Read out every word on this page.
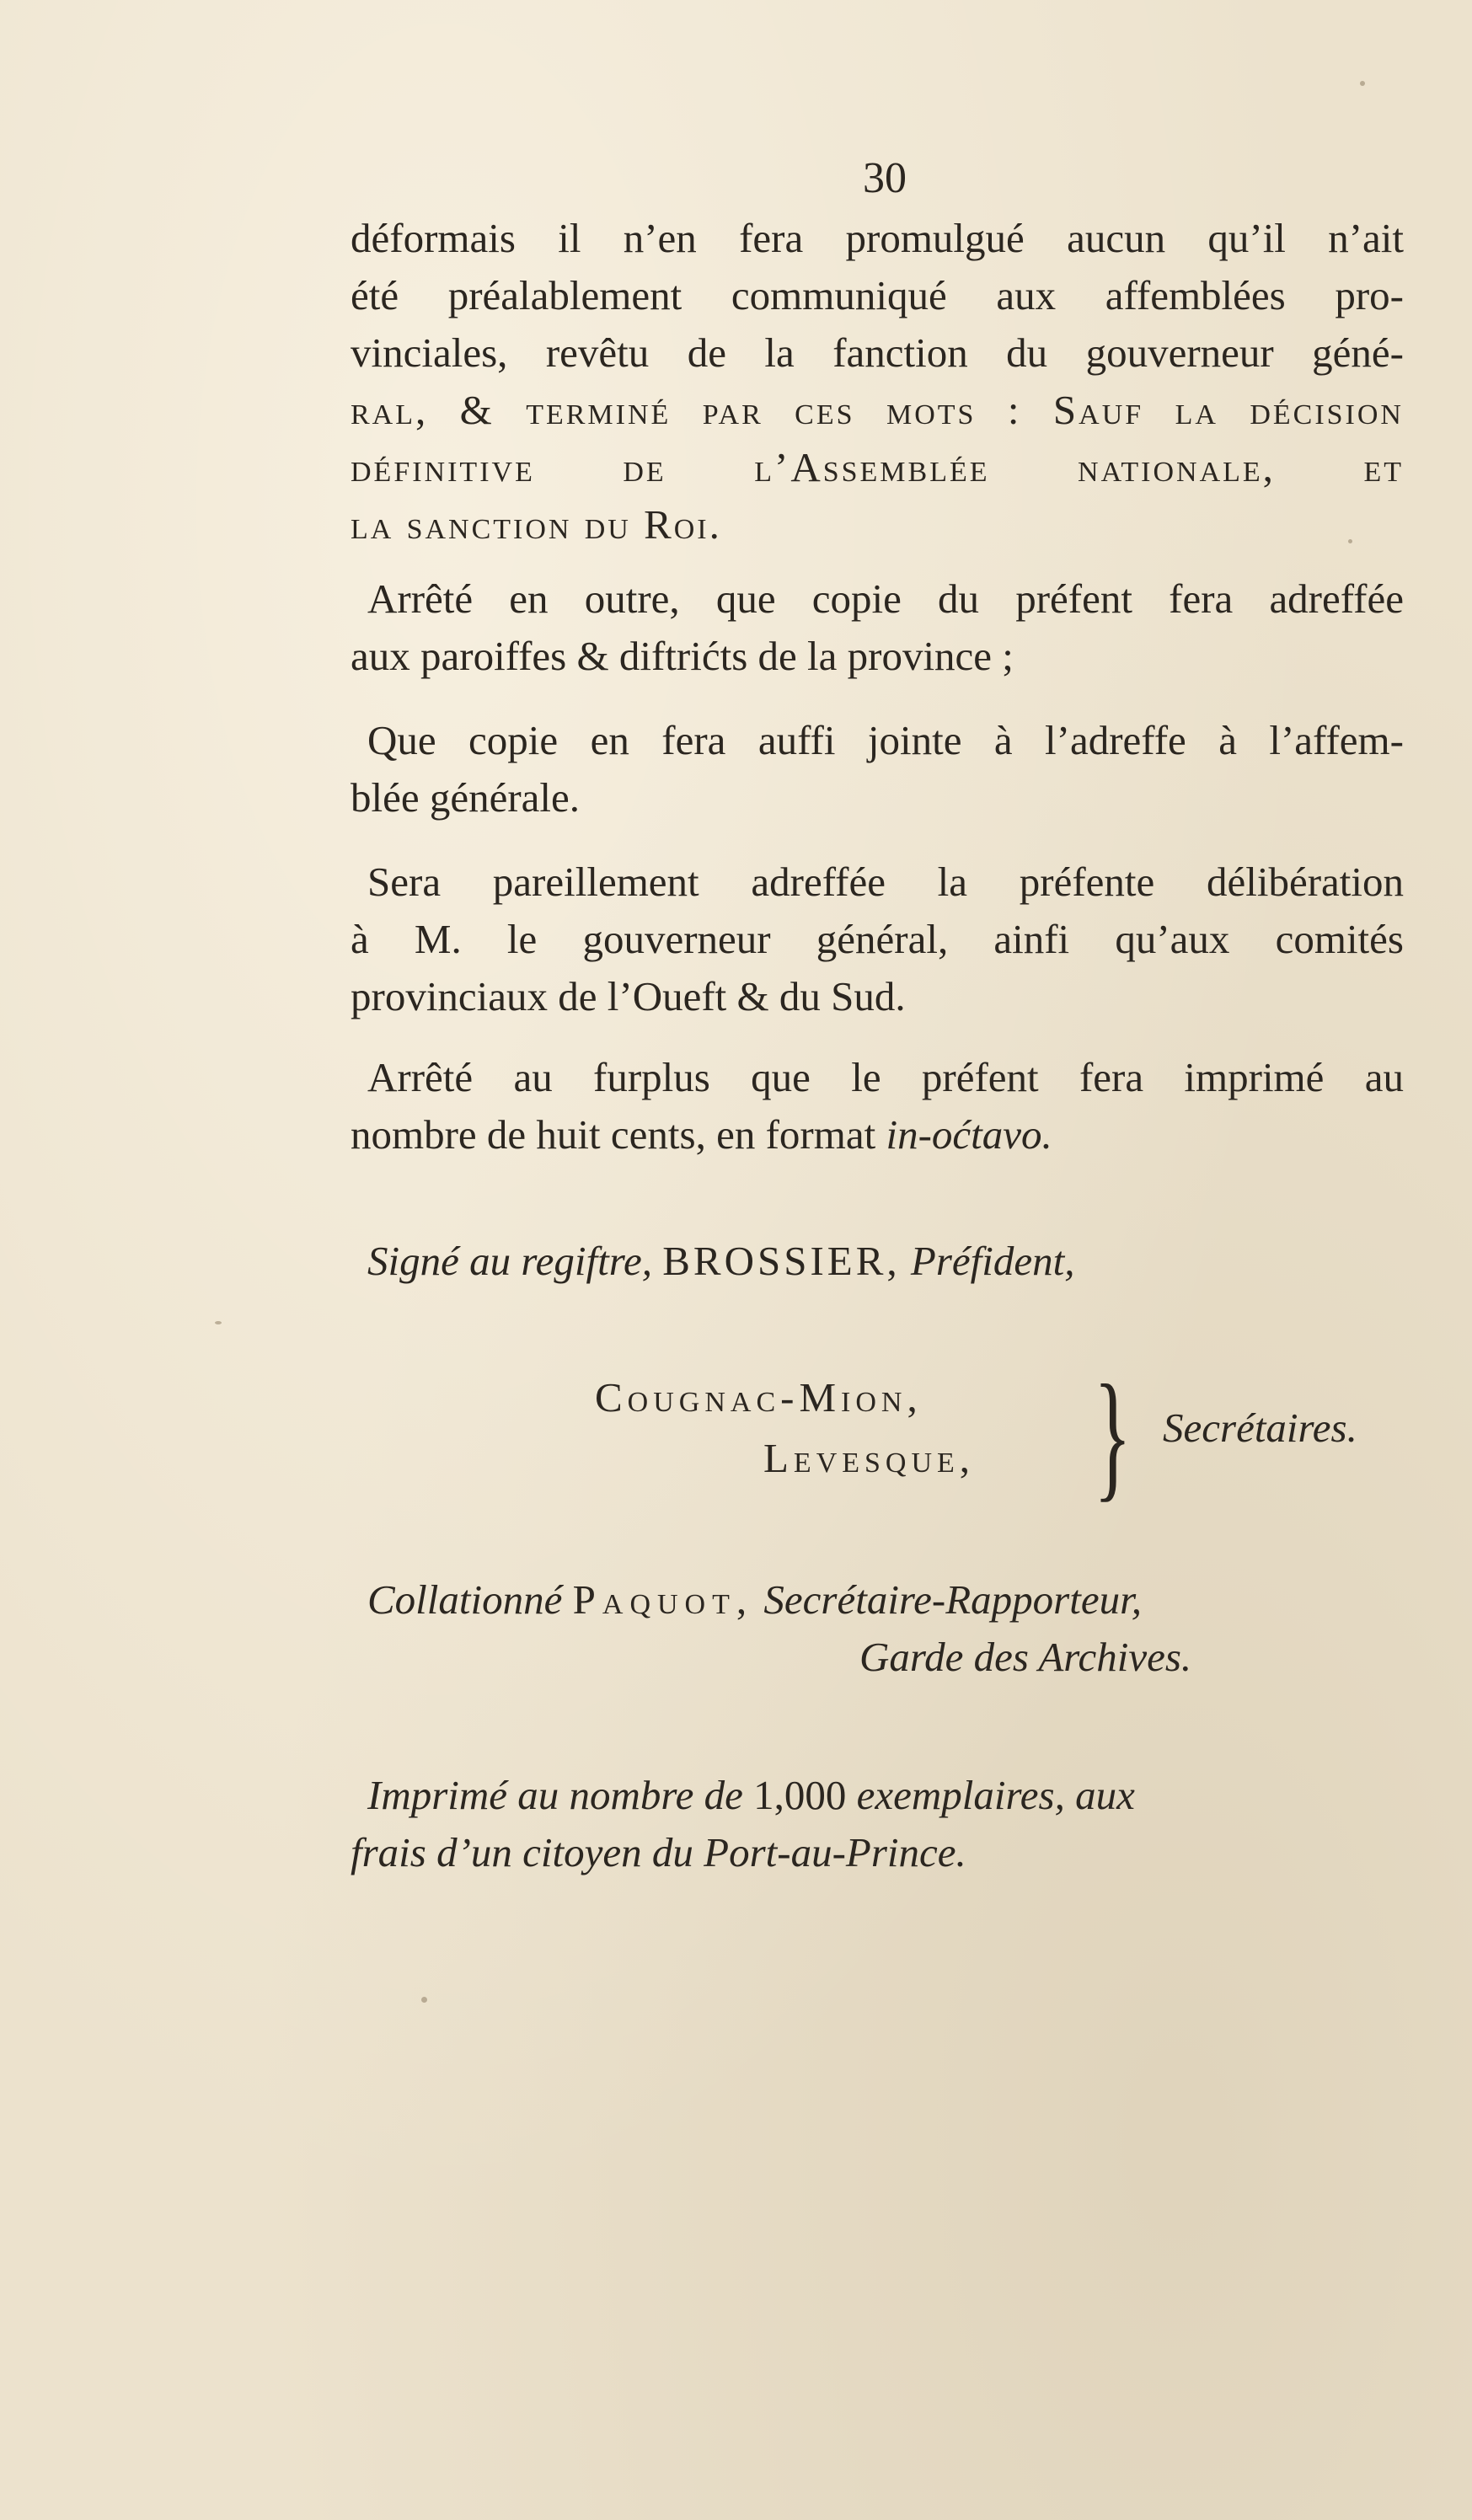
30
déformais il n’en fera promulgué aucun qu’il n’ait
été préalablement communiqué aux affemblées pro-
vinciales, revêtu de la fanction du gouverneur géné-
ral, & terminé par ces mots : Sauf la décision
définitive de l’Assemblée nationale, et
la sanction du Roi.
Arrêté en outre, que copie du préfent fera adreffée
aux paroiffes & diftrićts de la province ;
Que copie en fera auffi jointe à l’adreffe à l’affem-
blée générale.
Sera pareillement adreffée la préfente délibération
à M. le gouverneur général, ainfi qu’aux comités
provinciaux de l’Oueft & du Sud.
Arrêté au furplus que le préfent fera imprimé au
nombre de huit cents, en format in-oćtavo.
Signé au regiftre, BROSSIER, Préfident,
Cougnac-Mion,
Levesque, } Secrétaires.
Collationné Paquot, Secrétaire-Rapporteur,
Garde des Archives.
Imprimé au nombre de 1,000 exemplaires, aux
frais d’un citoyen du Port-au-Prince.
